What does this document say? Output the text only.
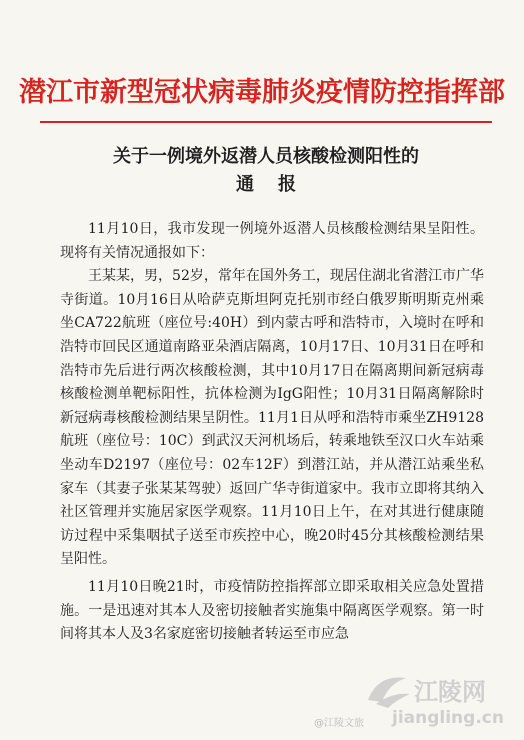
潜江市新型冠状病毒肺炎疫情防控指挥部
关于一例境外返潜人员核酸检测阳性的
通报

11月10日，我市发现一例境外返潜人员核酸检测结果呈阳性。现将有关情况通报如下：

王某某，男，52岁，常年在国外务工，现居住湖北省潜江市广华寺街道。10月16日从哈萨克斯坦阿克托别市经白俄罗斯明斯克州乘坐CA722航班（座位号:40H）到内蒙古呼和浩特市，入境时在呼和浩特市回民区通道南路亚朵酒店隔离，10月17日、10月31日在呼和浩特市先后进行两次核酸检测，其中10月17日在隔离期间新冠病毒核酸检测单靶标阳性，抗体检测为IgG阳性；10月31日隔离解除时新冠病毒核酸检测结果呈阴性。11月1日从呼和浩特市乘坐ZH9128航班（座位号：10C）到武汉天河机场后，转乘地铁至汉口火车站乘坐动车D2197（座位号：02车12F）到潜江站，并从潜江站乘坐私家车（其妻子张某某驾驶）返回广华寺街道家中。我市立即将其纳入社区管理并实施居家医学观察。11月10日上午，在对其进行健康随访过程中采集咽拭子送至市疾控中心，晚20时45分其核酸检测结果呈阳性。

11月10日晚21时，市疫情防控指挥部立即采取相关应急处置措施。一是迅速对其本人及密切接触者实施集中隔离医学观察。第一时间将其本人及3名家庭密切接触者转运至市应急

江陵网
jiangling.cn
@江陵文旅
